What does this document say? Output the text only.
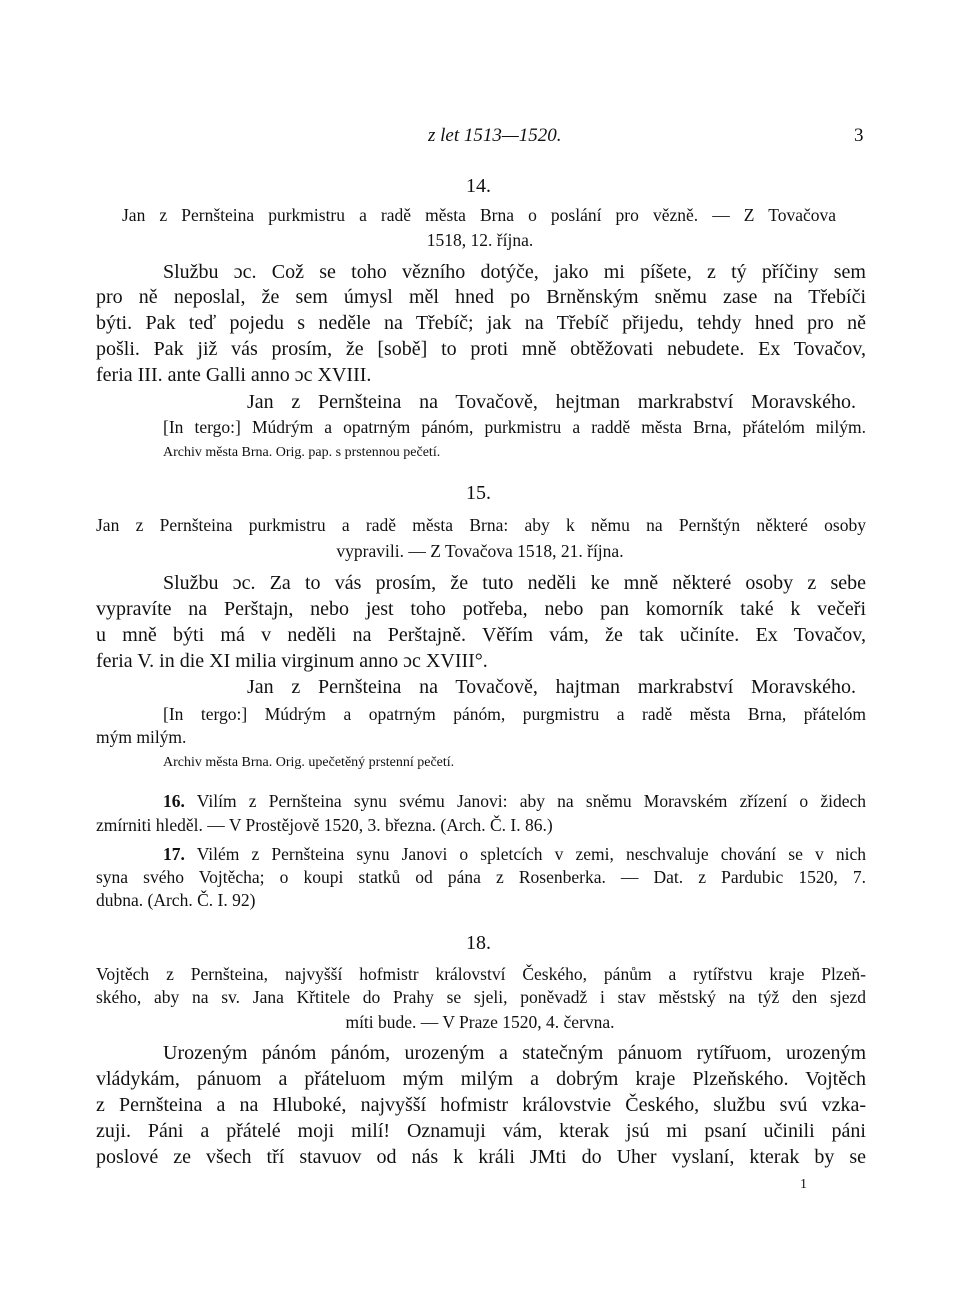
z let 1513—1520.	3
14.
Jan z Pernšteina purkmistru a radě města Brna o poslání pro vězně. — Z Tovačova
1518, 12. října.
Službu ɔc. Což se toho vězního dotýče, jako mi píšete, z tý příčiny sem
pro ně neposlal, že sem úmysl měl hned po Brněnským sněmu zase na Třebíči
býti. Pak teď pojedu s neděle na Třebíč; jak na Třebíč přijedu, tehdy hned pro ně
pošli. Pak již vás prosím, že [sobě] to proti mně obtěžovati nebudete. Ex Tovačov,
feria III. ante Galli anno ɔc XVIII.
Jan z Pernšteina na Tovačově, hejtman markrabství Moravského.
[In tergo:] Múdrým a opatrným pánóm, purkmistru a raddě města Brna, přátelóm milým.
Archiv města Brna. Orig. pap. s prstennou pečetí.
15.
Jan z Pernšteina purkmistru a radě města Brna: aby k němu na Pernštýn některé osoby
vypravili. — Z Tovačova 1518, 21. října.
Službu ɔc. Za to vás prosím, že tuto neděli ke mně některé osoby z sebe
vypravíte na Perštajn, nebo jest toho potřeba, nebo pan komorník také k večeři
u mně býti má v neděli na Perštajně. Věřím vám, že tak učiníte. Ex Tovačov,
feria V. in die XI milia virginum anno ɔc XVIII°.
Jan z Pernšteina na Tovačově, hajtman markrabství Moravského.
[In tergo:] Múdrým a opatrným pánóm, purgmistru a radě města Brna, přátelóm
mým milým.
Archiv města Brna. Orig. upečetěný prstenní pečetí.
16. Vilím z Pernšteina synu svému Janovi: aby na sněmu Moravském zřízení o židech
zmírniti hleděl. — V Prostějově 1520, 3. března. (Arch. Č. I. 86.)
17. Vilém z Pernšteina synu Janovi o spletcích v zemi, neschvaluje chování se v nich
syna svého Vojtěcha; o koupi statků od pána z Rosenberka. — Dat. z Pardubic 1520, 7.
dubna. (Arch. Č. I. 92)
18.
Vojtěch z Pernšteina, najvyšší hofmistr království Českého, pánům a rytířstvu kraje Plzeň-
ského, aby na sv. Jana Křtitele do Prahy se sjeli, poněvadž i stav městský na týž den sjezd
míti bude. — V Praze 1520, 4. června.
Urozeným pánóm pánóm, urozeným a statečným pánuom rytířuom, urozeným
vládykám, pánuom a přáteluom mým milým a dobrým kraje Plzeňského. Vojtěch
z Pernšteina a na Hluboké, najvyšší hofmistr královstvie Českého, službu svú vzka-
zuji. Páni a přátelé moji milí! Oznamuji vám, kterak jsú mi psaní učinili páni
poslové ze všech tří stavuov od nás k králi JMti do Uher vyslaní, kterak by se
1
